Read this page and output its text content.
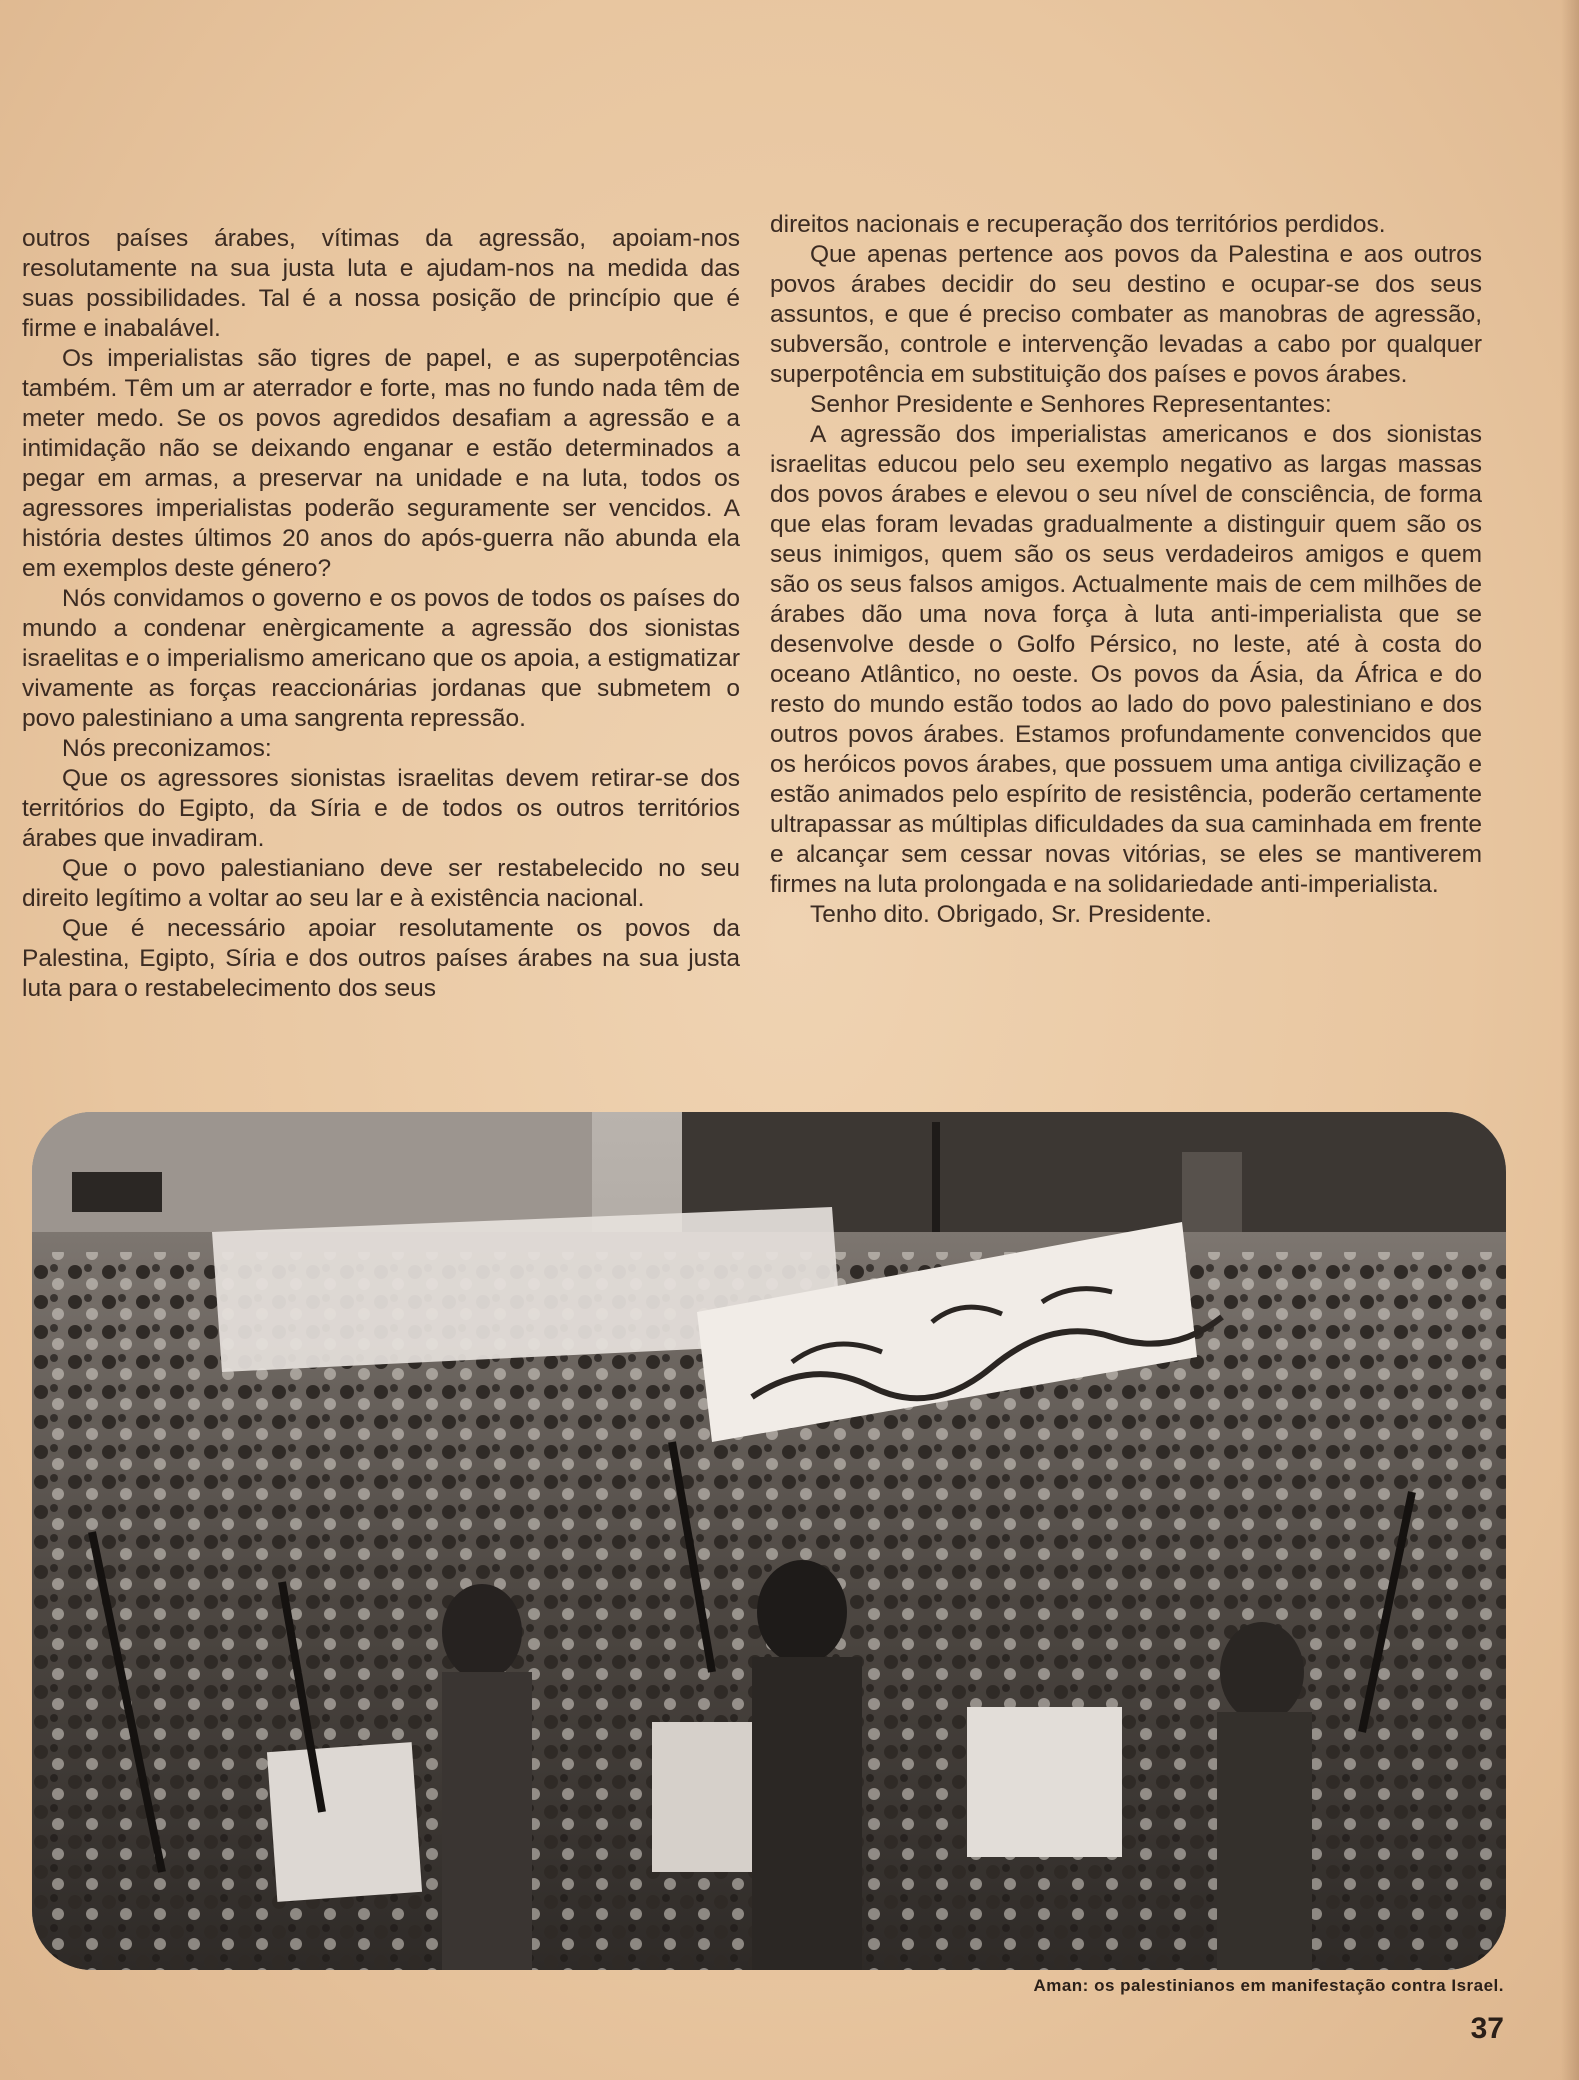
outros países árabes, vítimas da agressão, apoiam-nos resolutamente na sua justa luta e ajudam-nos na medida das suas possibilidades. Tal é a nossa posição de princípio que é firme e inabalável.

Os imperialistas são tigres de papel, e as superpotências também. Têm um ar aterrador e forte, mas no fundo nada têm de meter medo. Se os povos agredidos desafiam a agressão e a intimidação não se deixando enganar e estão determinados a pegar em armas, a preservar na unidade e na luta, todos os agressores imperialistas poderão seguramente ser vencidos. A história destes últimos 20 anos do após-guerra não abunda ela em exemplos deste género?

Nós convidamos o governo e os povos de todos os países do mundo a condenar enèrgicamente a agressão dos sionistas israelitas e o imperialismo americano que os apoia, a estigmatizar vivamente as forças reaccionárias jordanas que submetem o povo palestiniano a uma sangrenta repressão.

Nós preconizamos:

Que os agressores sionistas israelitas devem retirar-se dos territórios do Egipto, da Síria e de todos os outros territórios árabes que invadiram.

Que o povo palestianiano deve ser restabelecido no seu direito legítimo a voltar ao seu lar e à existência nacional.

Que é necessário apoiar resolutamente os povos da Palestina, Egipto, Síria e dos outros países árabes na sua justa luta para o restabelecimento dos seus

direitos nacionais e recuperação dos territórios perdidos.

Que apenas pertence aos povos da Palestina e aos outros povos árabes decidir do seu destino e ocupar-se dos seus assuntos, e que é preciso combater as manobras de agressão, subversão, controle e intervenção levadas a cabo por qualquer superpotência em substituição dos países e povos árabes.

Senhor Presidente e Senhores Representantes:

A agressão dos imperialistas americanos e dos sionistas israelitas educou pelo seu exemplo negativo as largas massas dos povos árabes e elevou o seu nível de consciência, de forma que elas foram levadas gradualmente a distinguir quem são os seus inimigos, quem são os seus verdadeiros amigos e quem são os seus falsos amigos. Actualmente mais de cem milhões de árabes dão uma nova força à luta anti-imperialista que se desenvolve desde o Golfo Pérsico, no leste, até à costa do oceano Atlântico, no oeste. Os povos da Ásia, da África e do resto do mundo estão todos ao lado do povo palestiniano e dos outros povos árabes. Estamos profundamente convencidos que os heróicos povos árabes, que possuem uma antiga civilização e estão animados pelo espírito de resistência, poderão certamente ultrapassar as múltiplas dificuldades da sua caminhada em frente e alcançar sem cessar novas vitórias, se eles se mantiverem firmes na luta prolongada e na solidariedade anti-imperialista.

Tenho dito. Obrigado, Sr. Presidente.

Aman: os palestinianos em manifestação contra Israel.
37
